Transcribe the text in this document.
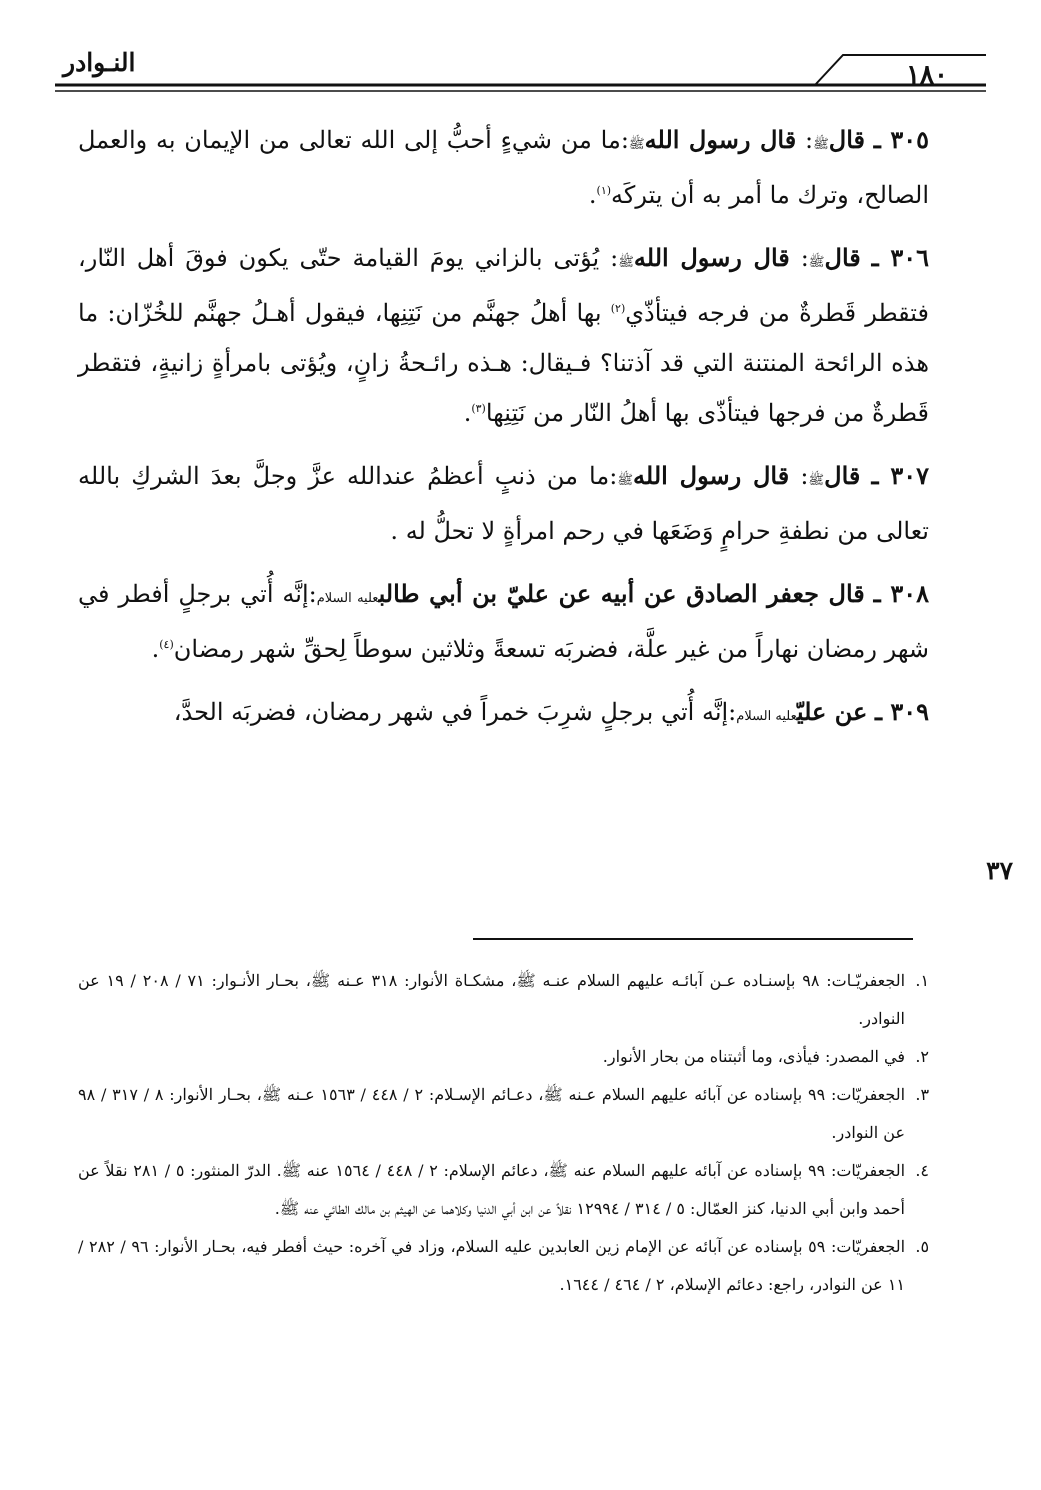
النـوادر	١٨٠

٣٠٥ ـ قالﷺ: قال رسول اللهﷺ:ما من شيءٍ أحبُّ إلى الله تعالى من الإيمان به والعمل الصالح، وترك ما أمر به أن يتركَه$^{(١)}$.

٣٠٦ ـ قالﷺ: قال رسول اللهﷺ: يُؤتى بالزاني يومَ القيامة حتّى يكون فوقَ أهل النّار، فتقطر قَطرةٌ من فرجه فيتأذّي$^{(٢)}$ بها أهلُ جهنَّم من نَتِنِها، فيقول أهـلُ جهنَّم للخُزّان: ما هذه الرائحة المنتنة التي قد آذتنا؟ فـيقال: هـذه رائـحةُ زانٍ، ويُؤتى بامرأةٍ زانيةٍ، فتقطر قَطرةٌ من فرجها فيتأذّى بها أهلُ النّار من نَتِنِها$^{(٣)}$.

٣٠٧ ـ قالﷺ: قال رسول اللهﷺ:ما من ذنبٍ أعظمُ عندالله عزَّ وجلَّ بعدَ الشركِ بالله تعالى من نطفةِ حرامٍ وَضَعَها في رحم امرأةٍ لا تحلُّ له .

٣٠٨ ـ قال جعفر الصادق عن أبيه عن عليّ بن أبي طالبعليه السلام:إنَّه أُتي برجلٍ أفطر في شهر رمضان نهاراً من غير علَّة، فضربَه تسعةً وثلاثين سوطاً لِحقِّ شهر رمضان$^{(٤)}$.

٣٠٩ ـ عن عليّعليه السلام:إنَّه أُتي برجلٍ شرِبَ خمراً في شهر رمضان، فضربَه الحدَّ،

٣٧

١.الجعفريّـات: ٩٨ بإسنـاده عـن آبائـه عليهم السلام عنـه ﷺ، مشكـاة الأنوار: ٣١٨ عـنه ﷺ، بحـار الأنـوار: ٧١ / ٢٠٨ / ١٩ عن النوادر.

٢.في المصدر: فيأذى، وما أثبتناه من بحار الأنوار.

٣.الجعفريّات: ٩٩ بإسناده عن آبائه عليهم السلام عـنه ﷺ، دعـائم الإسـلام: ٢ / ٤٤٨ / ١٥٦٣ عـنه ﷺ، بحـار الأنوار: ٨ / ٣١٧ / ٩٨ عن النوادر.

٤.الجعفريّات: ٩٩ بإسناده عن آبائه عليهم السلام عنه ﷺ، دعائم الإسلام: ٢ / ٤٤٨ / ١٥٦٤ عنه ﷺ. الدرّ المنثور: ٥ / ٢٨١ نقلاً عن أحمد وابن أبي الدنيا، كنز العمّال: ٥ / ٣١٤ / ١٢٩٩٤ نقلاً عن ابن أبي الدنيا وكلاهما عن الهيثم بن مالك الطائي عنه ﷺ.

٥.الجعفريّات: ٥٩ بإسناده عن آبائه عن الإمام زين العابدين عليه السلام، وزاد في آخره: حيث أفطر فيه، بحـار الأنوار: ٩٦ / ٢٨٢ / ١١ عن النوادر، راجع: دعائم الإسلام، ٢ / ٤٦٤ / ١٦٤٤.
